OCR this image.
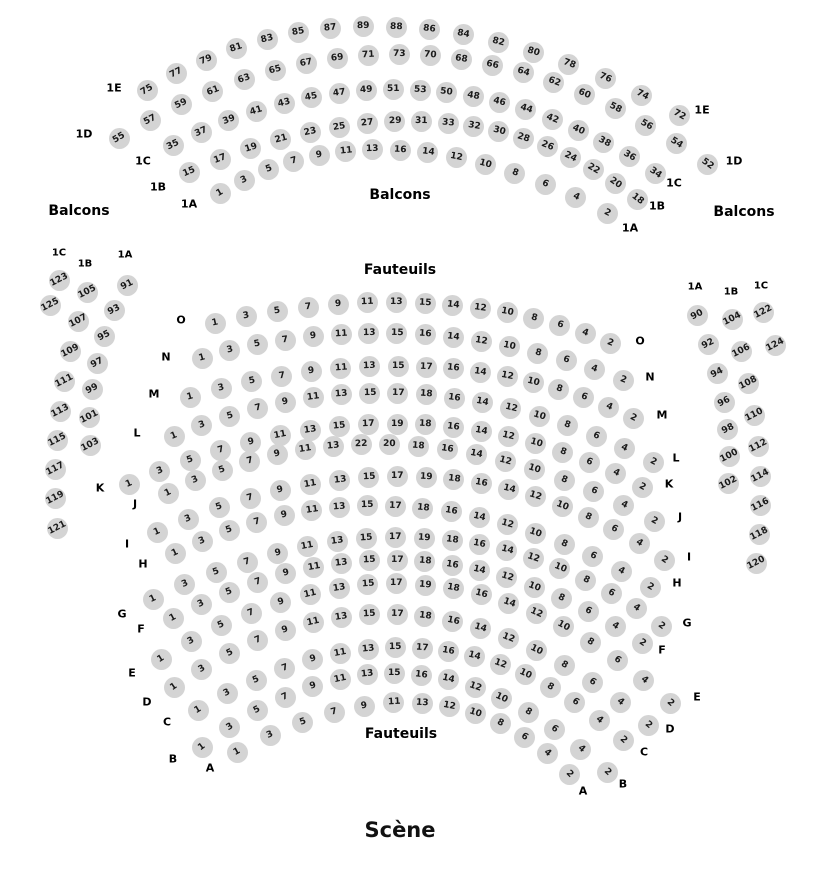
Balcons
Balcons
Balcons
Fauteuils
Fauteuils
Scène
75
77
79
81
83
85 87 89 88 86 84
82
80
78
76
74
72
1E
1E
55
57
59
61
63
65
67 69 71 73 70 68 66
64
62
60
58
56
54
52
1D
1D
35
37
39
41
43 45 47 49 51 53 50 48 46
44
42
40
38
36
34
1C
1C
15
17
19
21
23 25 27 29 31 33 32 30
28
26
24
22
20
18
1B
1B
1
3
5
7
9 11 13 16 14 12
10
8
6
4
2
1A
1A
1
3	5	7	9 11 13 15 14 12 10 8
6
4
2
O
O
1
3
5 7 9 11 13 15 16 14 12 10
8
6
4
2
N
N
1
3
5
7 9 11 13 15 17 16 14 12 10
8
6
4
2
M
M
1
3
5
7
9 11 13 15 17 18 16 14 12
10
8
6
4
2
L
L
1
3
5
7
9
11 13 15 17 19 18 16 14 12
10
8
6
4
2
K	K
1
3
5
7
9 11 13 22 20 18 16 14
12
10
8
6
4
2
J
J
1
3
5
7
9
11 13 15 17 19 18 16 14
12
10
8
6
4
2
I
I
1
3
5
7
9 11 13 15 17 18 16 14
12
10
8
6
4
2
H
H
1
3
5
7
9
11 13 15 17 19 18 16 14
12
10
8
6
4
2
G
G
1
3
5
7
9
11 13 15 17 18 16 14
12
10
8
6
4
2
F
F
1
3
5
7
9
11 13 15 17 19 18 16
14
12
10
8
6
4
2
E
E
1
3
5
7
9
11 13 15 17 18 16
14
12
10
8
6
4
2
D
D
1
3
5
7
9
11 13 15 17 16 14
12
10
8
6
4
2
C
C
1
3
5
7
9
11 13 15 16 14
12
10
8
6
4
2
B
B
1
3
5
7
9 11 13 12
10
8
6
4
2
A
A
123
125
1C
105
107
109
111
113
115
117
119
121
1B
91
93
95
97
99
101
103
1A
90
92
94
96
98
100
102
1A
104
106
108
110
112
114
116
118
120
1B
122
124
1C
